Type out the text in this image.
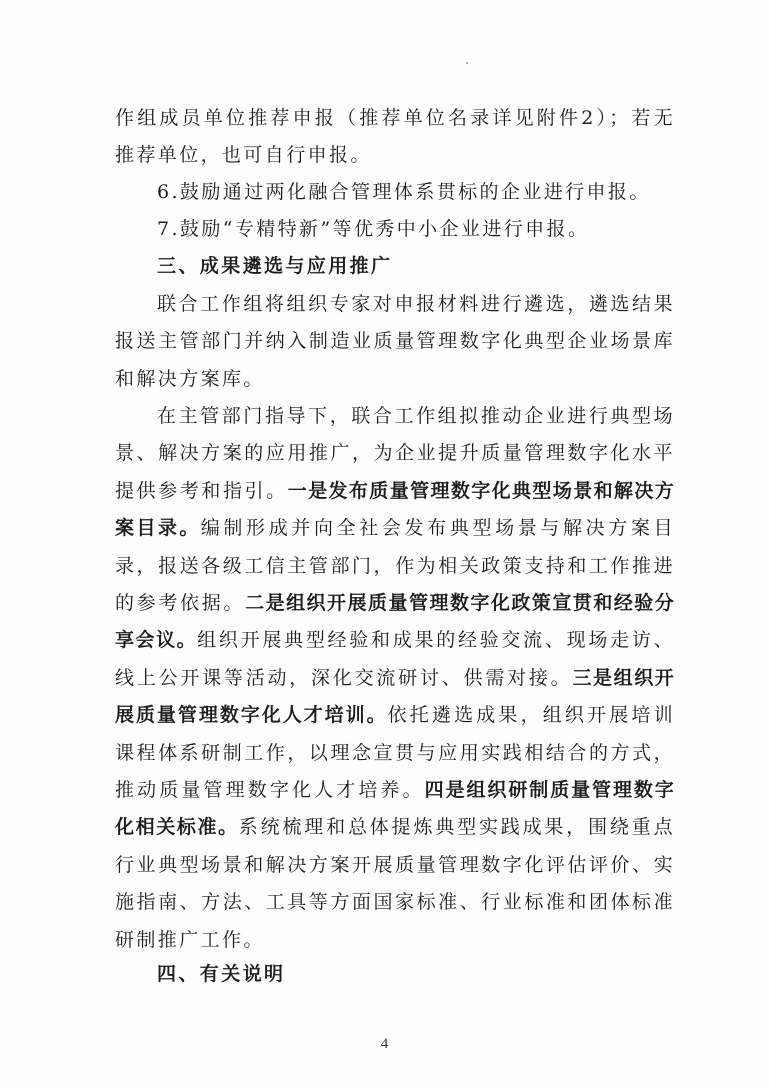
作组成员单位推荐申报（推荐单位名录详见附件2）；若无推荐单位，也可自行申报。

6.鼓励通过两化融合管理体系贯标的企业进行申报。

7.鼓励“专精特新”等优秀中小企业进行申报。

三、成果遴选与应用推广

联合工作组将组织专家对申报材料进行遴选，遴选结果报送主管部门并纳入制造业质量管理数字化典型企业场景库和解决方案库。

在主管部门指导下，联合工作组拟推动企业进行典型场景、解决方案的应用推广，为企业提升质量管理数字化水平提供参考和指引。一是发布质量管理数字化典型场景和解决方案目录。编制形成并向全社会发布典型场景与解决方案目录，报送各级工信主管部门，作为相关政策支持和工作推进的参考依据。二是组织开展质量管理数字化政策宣贯和经验分享会议。组织开展典型经验和成果的经验交流、现场走访、线上公开课等活动，深化交流研讨、供需对接。三是组织开展质量管理数字化人才培训。依托遴选成果，组织开展培训课程体系研制工作，以理念宣贯与应用实践相结合的方式，推动质量管理数字化人才培养。四是组织研制质量管理数字化相关标准。系统梳理和总体提炼典型实践成果，围绕重点行业典型场景和解决方案开展质量管理数字化评估评价、实施指南、方法、工具等方面国家标准、行业标准和团体标准研制推广工作。

四、有关说明
4
